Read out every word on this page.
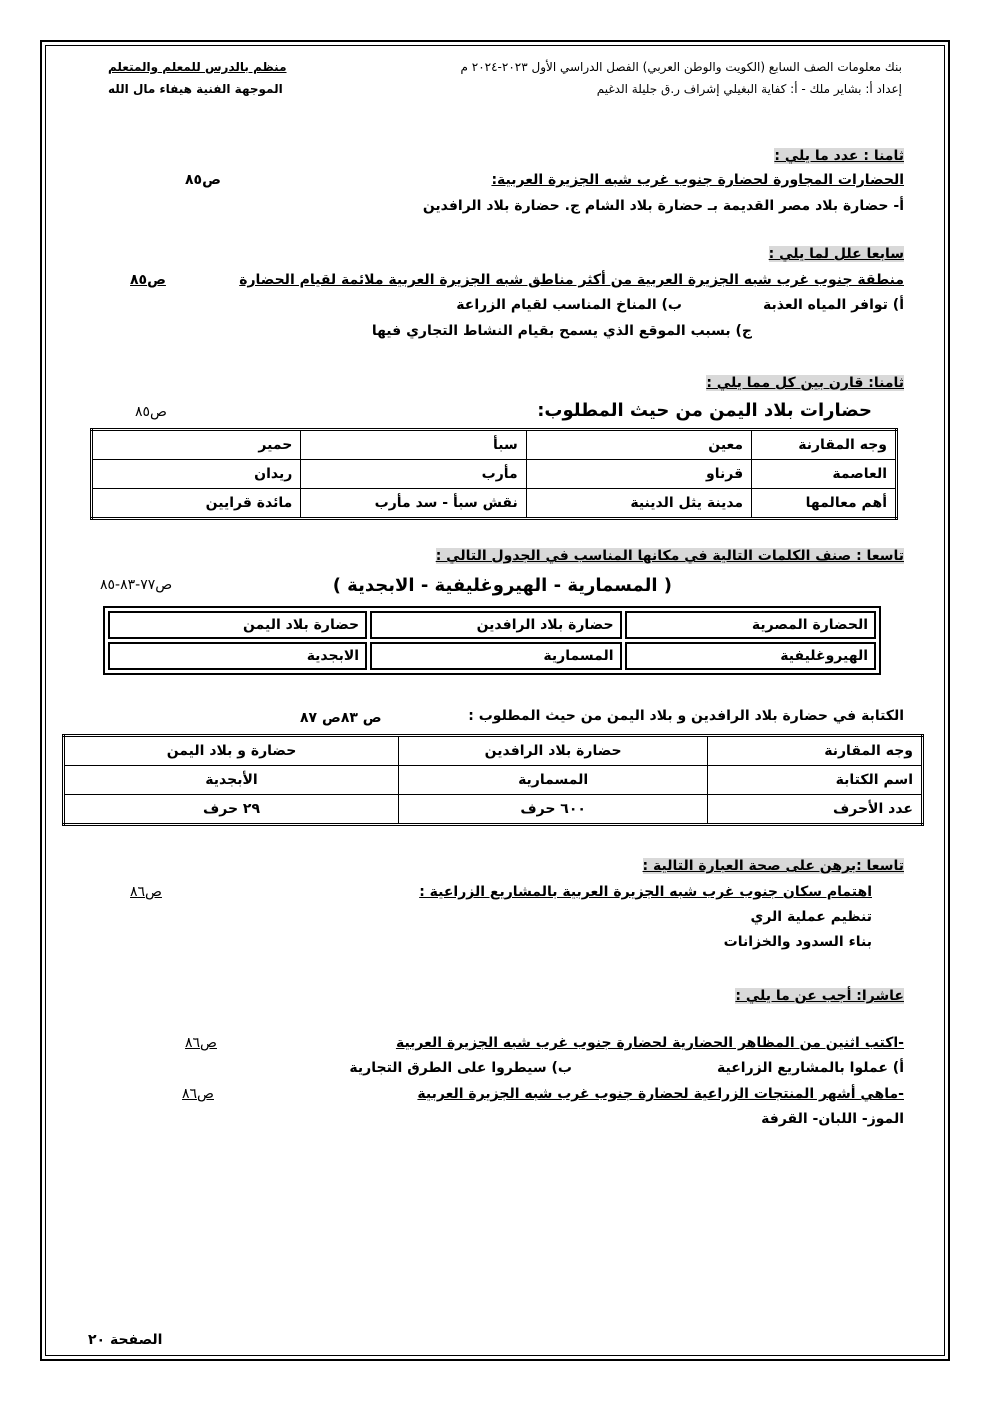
بنك معلومات الصف السابع (الكويت والوطن العربي) الفصل الدراسي الأول ٢٠٢٣-٢٠٢٤ م
إعداد أ: بشاير ملك - أ: كفاية البغيلي إشراف ر.ق جليلة الدغيم
منظم بالدرس للمعلم والمتعلم
الموجهة الفنية هيفاء مال الله
ثامنا : عدد ما يلي :
الحضارات المجاورة لحضارة جنوب غرب شبه الجزيرة العربية:
ص٨٥
أ- حضارة بلاد مصر القديمة بـ حضارة بلاد الشام ج. حضارة بلاد الرافدين
سابعا علل لما يلي :
منطقة جنوب غرب شبه الجزيرة العربية من أكثر مناطق شبه الجزيرة العربية ملائمة لقيام الحضارة
ص٨٥
أ) توافر المياه العذبة
ب) المناخ المناسب لقيام الزراعة
ج) بسبب الموقع الذي يسمح بقيام النشاط التجاري فيها
ثامنا: قارن بين كل مما يلي :
حضارات بلاد اليمن من حيث المطلوب:
ص٨٥
وجه المقارنة	معين	سبأ	حمير
العاصمة	قرناو	مأرب	ريدان
أهم معالمها	مدينة يثل الدينية	نقش سبأ - سد مأرب	مائدة قرايين
تاسعا : صنف الكلمات التالية في مكانها المناسب في الجدول التالي :
( المسمارية - الهيروغليفية - الابجدية )
ص٧٧-٨٣-٨٥
الحضارة المصرية	حضارة بلاد الرافدين	حضارة بلاد اليمن
الهيروغليفية	المسمارية	الابجدية
الكتابة في حضارة بلاد الرافدين و بلاد اليمن من حيث المطلوب :
ص ٨٣ص ٨٧
وجه المقارنة	حضارة بلاد الرافدين	حضارة و بلاد اليمن
اسم الكتابة	المسمارية	الأبجدية
عدد الأحرف	٦٠٠ حرف	٢٩ حرف
تاسعا :برهن على صحة العبارة التالية :
اهتمام سكان جنوب غرب شبه الجزيرة العربية بالمشاريع الزراعية :
ص٨٦
تنظيم عملية الري
بناء السدود والخزانات
عاشرا: أجب عن ما يلي :
-اكتب اثنين من المظاهر الحضارية لحضارة جنوب غرب شبه الجزيرة العربية
ص٨٦
أ) عملوا بالمشاريع الزراعية
ب) سيطروا على الطرق التجارية
-ماهي أشهر المنتجات الزراعية لحضارة جنوب غرب شبه الجزيرة العربية
ص٨٦
الموز- اللبان- القرفة
الصفحة ٢٠
